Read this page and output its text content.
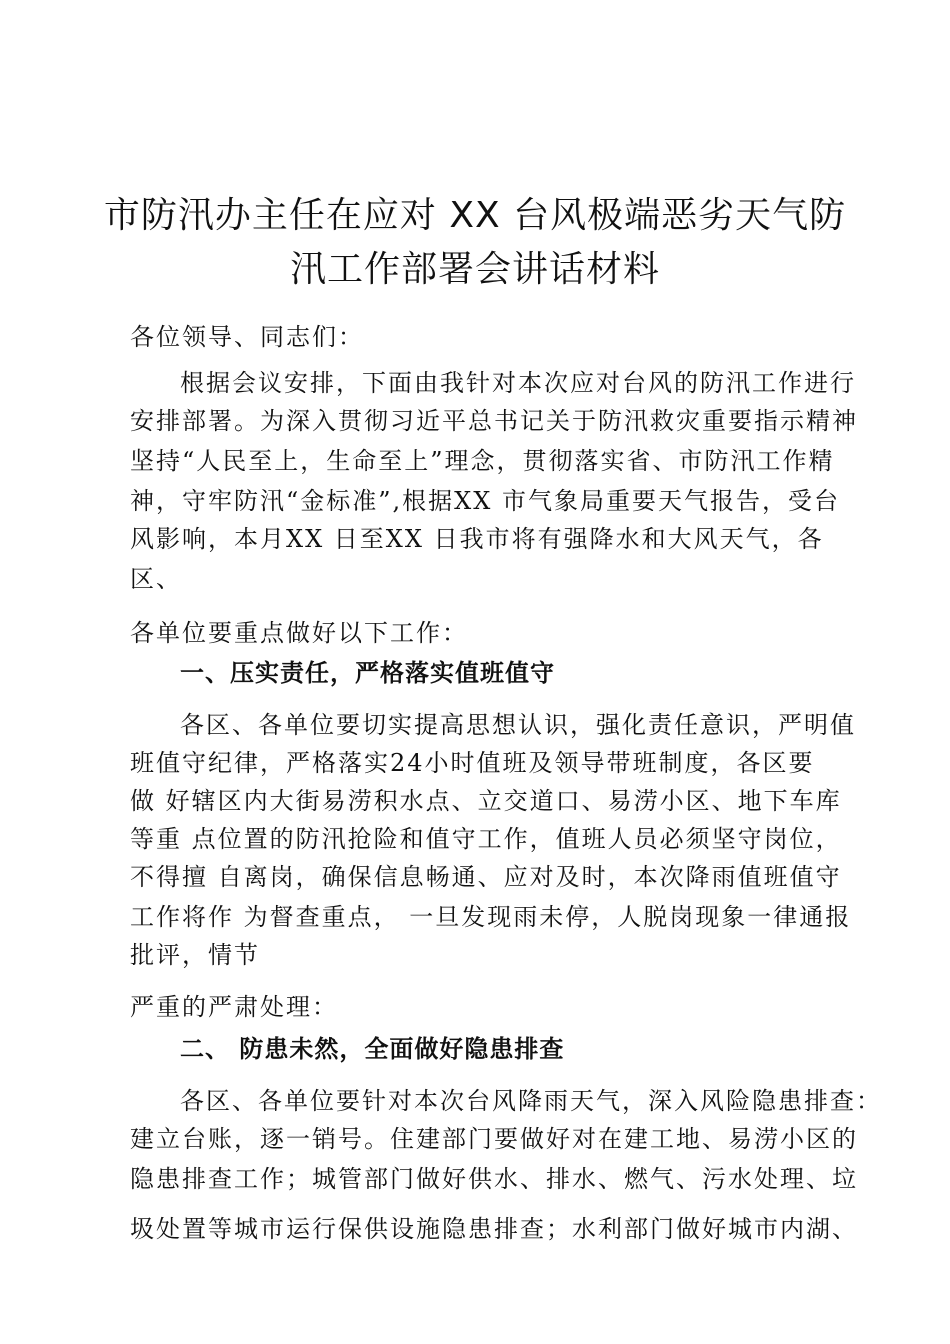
市防汛办主任在应对 XX 台风极端恶劣天气防
汛工作部署会讲话材料

各位领导、同志们：

根据会议安排，下面由我针对本次应对台风的防汛工作进行

安排部署。为深入贯彻习近平总书记关于防汛救灾重要指示精神

坚持“人民至上，生命至上”理念，贯彻落实省、市防汛工作精

神，守牢防汛“金标准”,根据XX 市气象局重要天气报告，受台

风影响，本月XX 日至XX 日我市将有强降水和大风天气，各

区、

各单位要重点做好以下工作：

一、压实责任，严格落实值班值守

各区、各单位要切实提高思想认识，强化责任意识，严明值

班值守纪律，严格落实24小时值班及领导带班制度，各区要

做 好辖区内大街易涝积水点、立交道口、易涝小区、地下车库

等重 点位置的防汛抢险和值守工作，值班人员必须坚守岗位，

不得擅 自离岗，确保信息畅通、应对及时，本次降雨值班值守

工作将作 为督查重点， 一旦发现雨未停，人脱岗现象一律通报

批评，情节

严重的严肃处理：

二、 防患未然，全面做好隐患排查

各区、各单位要针对本次台风降雨天气，深入风险隐患排查：

建立台账，逐一销号。住建部门要做好对在建工地、易涝小区的

隐患排查工作；城管部门做好供水、排水、燃气、污水处理、垃

圾处置等城市运行保供设施隐患排查；水利部门做好城市内湖、
